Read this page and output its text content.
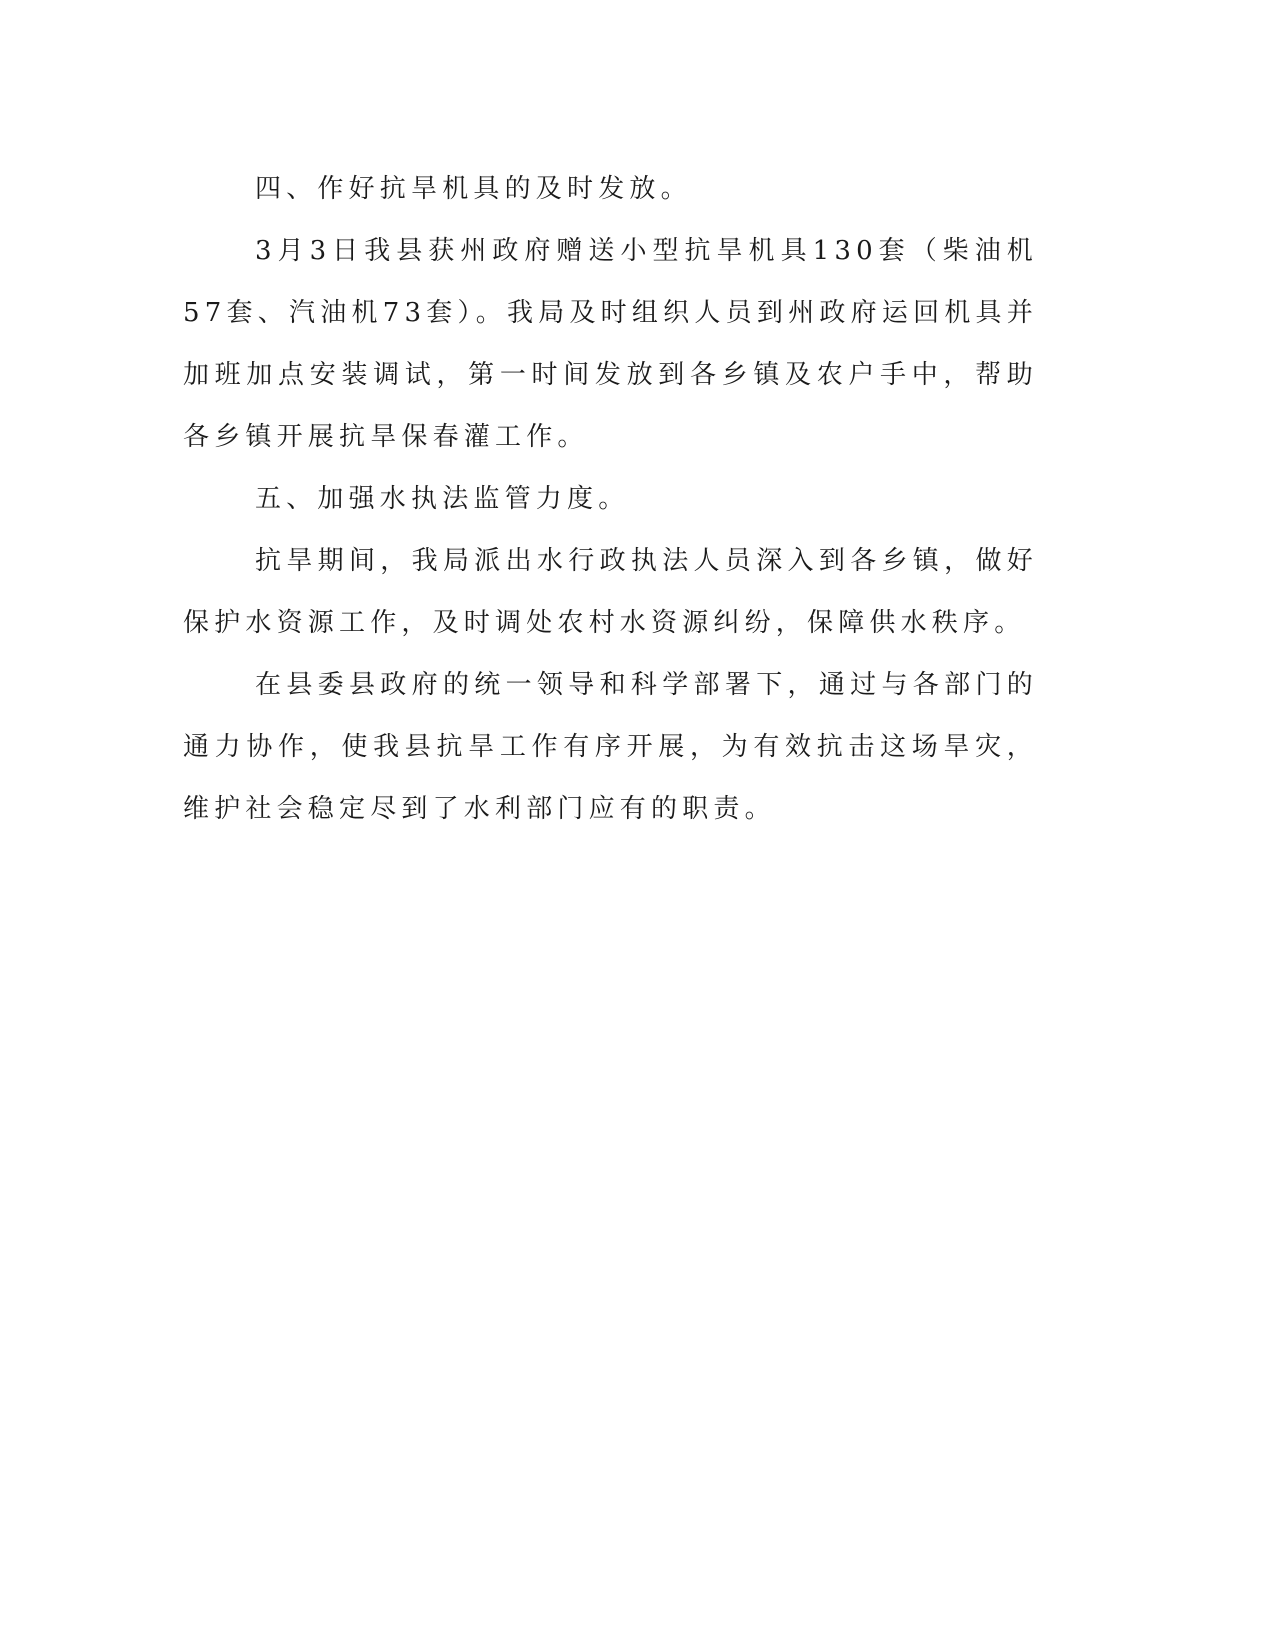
四、作好抗旱机具的及时发放。

3月3日我县获州政府赠送小型抗旱机具130套（柴油机57套、汽油机73套）。我局及时组织人员到州政府运回机具并加班加点安装调试，第一时间发放到各乡镇及农户手中，帮助各乡镇开展抗旱保春灌工作。

五、加强水执法监管力度。

抗旱期间，我局派出水行政执法人员深入到各乡镇，做好保护水资源工作，及时调处农村水资源纠纷，保障供水秩序。

在县委县政府的统一领导和科学部署下，通过与各部门的通力协作，使我县抗旱工作有序开展，为有效抗击这场旱灾，维护社会稳定尽到了水利部门应有的职责。
